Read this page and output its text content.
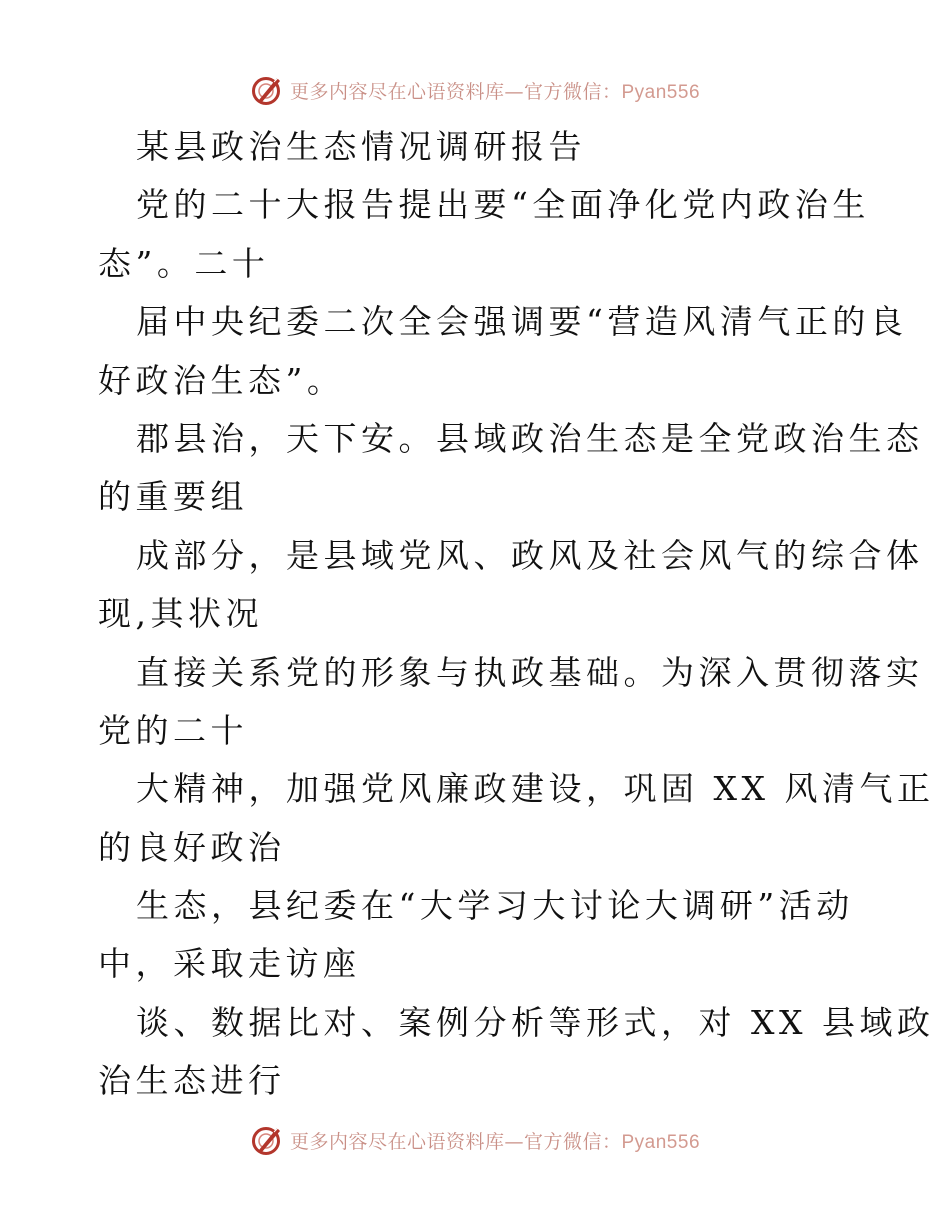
更多内容尽在心语资料库—官方微信：Pyan556

某县政治生态情况调研报告

党的二十大报告提出要“全面净化党内政治生

态”。二十

届中央纪委二次全会强调要“营造风清气正的良

好政治生态”。

郡县治，天下安。县域政治生态是全党政治生态

的重要组

成部分，是县域党风、政风及社会风气的综合体

现,其状况

直接关系党的形象与执政基础。为深入贯彻落实

党的二十

大精神，加强党风廉政建设，巩固 XX 风清气正

的良好政治

生态，县纪委在“大学习大讨论大调研”活动

中，采取走访座

谈、数据比对、案例分析等形式，对 XX 县域政

治生态进行

更多内容尽在心语资料库—官方微信：Pyan556
